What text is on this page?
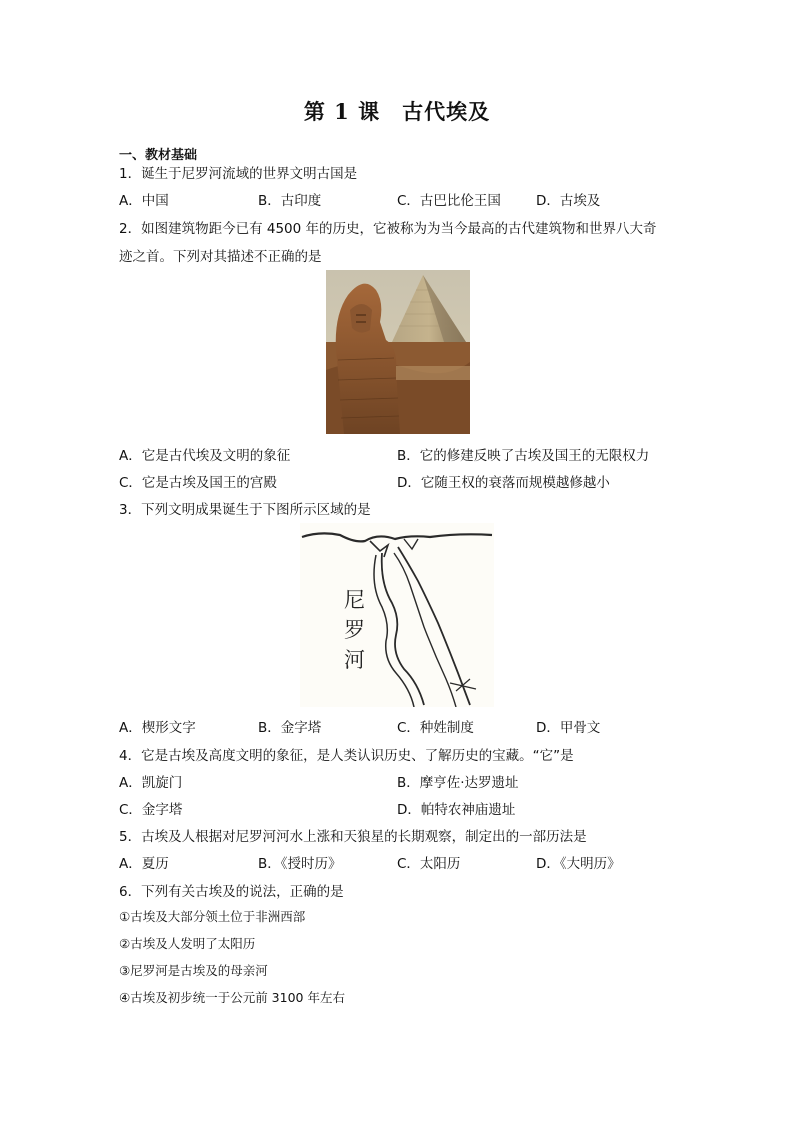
第 1 课　古代埃及
一、教材基础
1．诞生于尼罗河流域的世界文明古国是
A．中国	B．古印度	C．古巴比伦王国	D．古埃及
2．如图建筑物距今已有 4500 年的历史，它被称为为当今最高的古代建筑物和世界八大奇
迹之首。下列对其描述不正确的是
A．它是古代埃及文明的象征	B．它的修建反映了古埃及国王的无限权力
C．它是古埃及国王的宫殿	D．它随王权的衰落而规模越修越小
3．下列文明成果诞生于下图所示区域的是
尼
罗
河
A．楔形文字	B．金字塔	C．种姓制度	D．甲骨文
4．它是古埃及高度文明的象征，是人类认识历史、了解历史的宝藏。“它”是
A．凯旋门	B．摩亨佐·达罗遗址
C．金字塔	D．帕特农神庙遗址
5．古埃及人根据对尼罗河河水上涨和天狼星的长期观察，制定出的一部历法是
A．夏历	B．《授时历》	C．太阳历	D．《大明历》
6．下列有关古埃及的说法，正确的是
①古埃及大部分领土位于非洲西部
②古埃及人发明了太阳历
③尼罗河是古埃及的母亲河
④古埃及初步统一于公元前 3100 年左右
